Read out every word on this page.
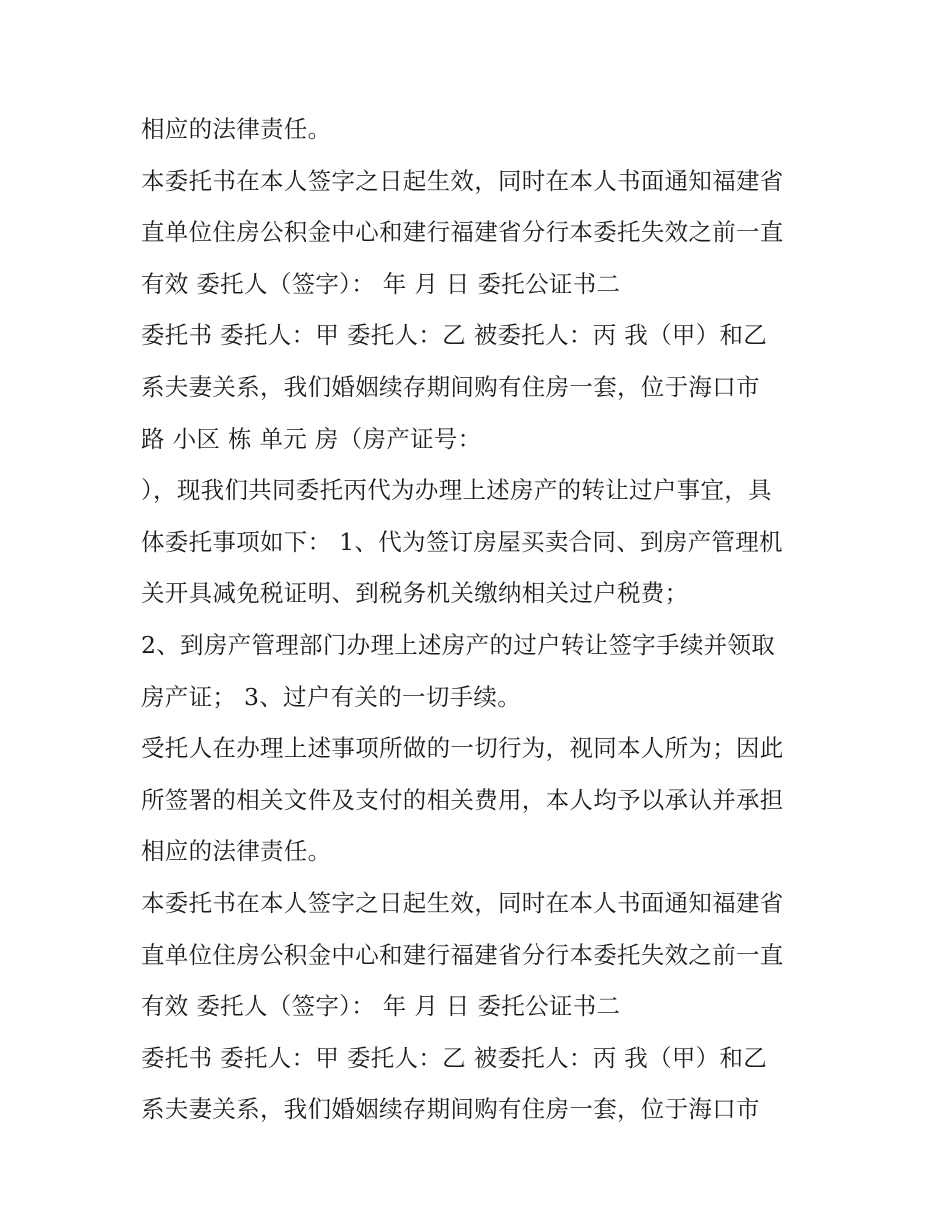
相应的法律责任。
本委托书在本人签字之日起生效，同时在本人书面通知福建省
直单位住房公积金中心和建行福建省分行本委托失效之前一直
有效 委托人（签字）： 年 月 日 委托公证书二
委托书 委托人：甲 委托人：乙 被委托人：丙 我（甲）和乙
系夫妻关系，我们婚姻续存期间购有住房一套，位于海口市
路 小区 栋 单元 房（房产证号：
），现我们共同委托丙代为办理上述房产的转让过户事宜，具
体委托事项如下： 1、代为签订房屋买卖合同、到房产管理机
关开具减免税证明、到税务机关缴纳相关过户税费；
2、到房产管理部门办理上述房产的过户转让签字手续并领取
房产证； 3、过户有关的一切手续。
受托人在办理上述事项所做的一切行为，视同本人所为；因此
所签署的相关文件及支付的相关费用，本人均予以承认并承担
相应的法律责任。
本委托书在本人签字之日起生效，同时在本人书面通知福建省
直单位住房公积金中心和建行福建省分行本委托失效之前一直
有效 委托人（签字）： 年 月 日 委托公证书二
委托书 委托人：甲 委托人：乙 被委托人：丙 我（甲）和乙
系夫妻关系，我们婚姻续存期间购有住房一套，位于海口市
